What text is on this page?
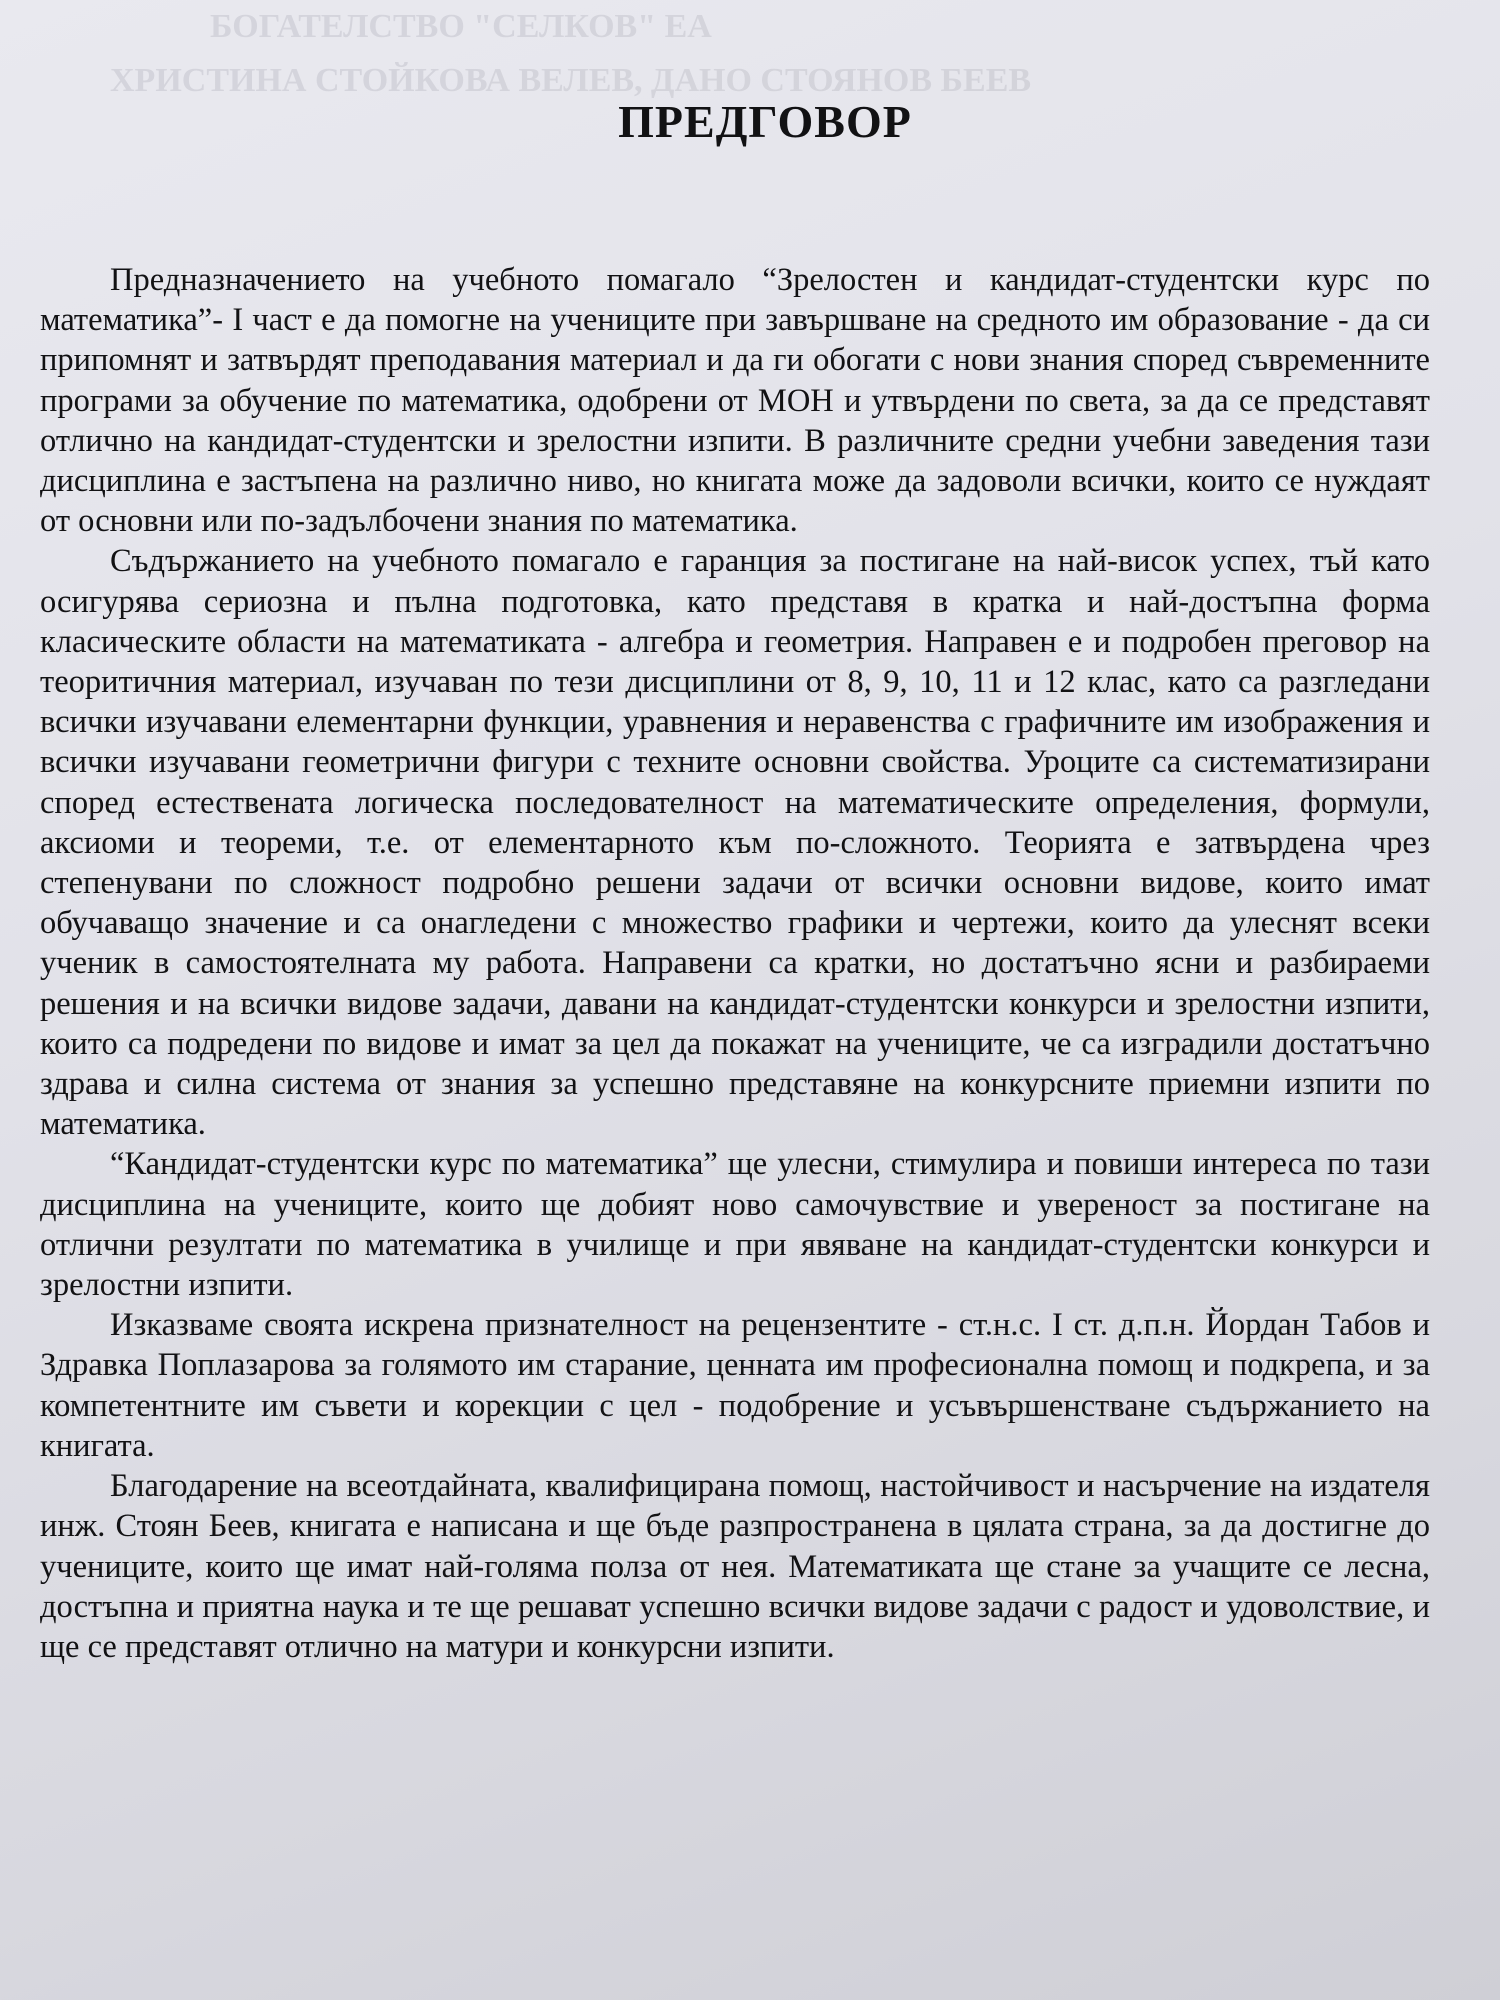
БОГАТЕЛСТВО "СЕЛКОВ" ЕА
ХРИСТИНА СТОЙКОВА ВЕЛЕВ, ДАНО СТОЯНОВ БЕЕВ
ПРЕДГОВОР

Предназначението на учебното помагало “Зрелостен и кандидат-студентски курс по математика”- І част е да помогне на учениците при завършване на средното им образование - да си припомнят и затвърдят преподавания материал и да ги обогати с нови знания според съвременните програми за обучение по математика, одобрени от МОН и утвърдени по света, за да се представят отлично на кандидат-студентски и зрелостни изпити. В различните средни учебни заведения тази дисциплина е застъпена на различно ниво, но книгата може да задоволи всички, които се нуждаят от основни или по-задълбочени знания по математика.

Съдържанието на учебното помагало е гаранция за постигане на най-висок успех, тъй като осигурява сериозна и пълна подготовка, като представя в кратка и най-достъпна форма класическите области на математиката - алгебра и геометрия. Направен е и подробен преговор на теоритичния материал, изучаван по тези дисциплини от 8, 9, 10, 11 и 12 клас, като са разгледани всички изучавани елементарни функции, уравнения и неравенства с графичните им изображения и всички изучавани геометрични фигури с техните основни свойства. Уроците са систематизирани според естествената логическа последователност на математическите определения, формули, аксиоми и теореми, т.е. от елементарното към по-сложното. Теорията е затвърдена чрез степенувани по сложност подробно решени задачи от всички основни видове, които имат обучаващо значение и са онагледени с множество графики и чертежи, които да улеснят всеки ученик в самостоятелната му работа. Направени са кратки, но достатъчно ясни и разбираеми решения и на всички видове задачи, давани на кандидат-студентски конкурси и зрелостни изпити, които са подредени по видове и имат за цел да покажат на учениците, че са изградили достатъчно здрава и силна система от знания за успешно представяне на конкурсните приемни изпити по математика.

“Кандидат-студентски курс по математика” ще улесни, стимулира и повиши интереса по тази дисциплина на учениците, които ще добият ново самочувствие и увереност за постигане на отлични резултати по математика в училище и при явяване на кандидат-студентски конкурси и зрелостни изпити.

Изказваме своята искрена признателност на рецензентите - ст.н.с. І ст. д.п.н. Йордан Табов и Здравка Поплазарова за голямото им старание, ценната им професионална помощ и подкрепа, и за компетентните им съвети и корекции с цел - подобрение и усъвършенстване съдържанието на книгата.

Благодарение на всеотдайната, квалифицирана помощ, настойчивост и насърчение на издателя инж. Стоян Беев, книгата е написана и ще бъде разпространена в цялата страна, за да достигне до учениците, които ще имат най-голяма полза от нея. Математиката ще стане за учащите се лесна, достъпна и приятна наука и те ще решават успешно всички видове задачи с радост и удоволствие, и ще се представят отлично на матури и конкурсни изпити.
